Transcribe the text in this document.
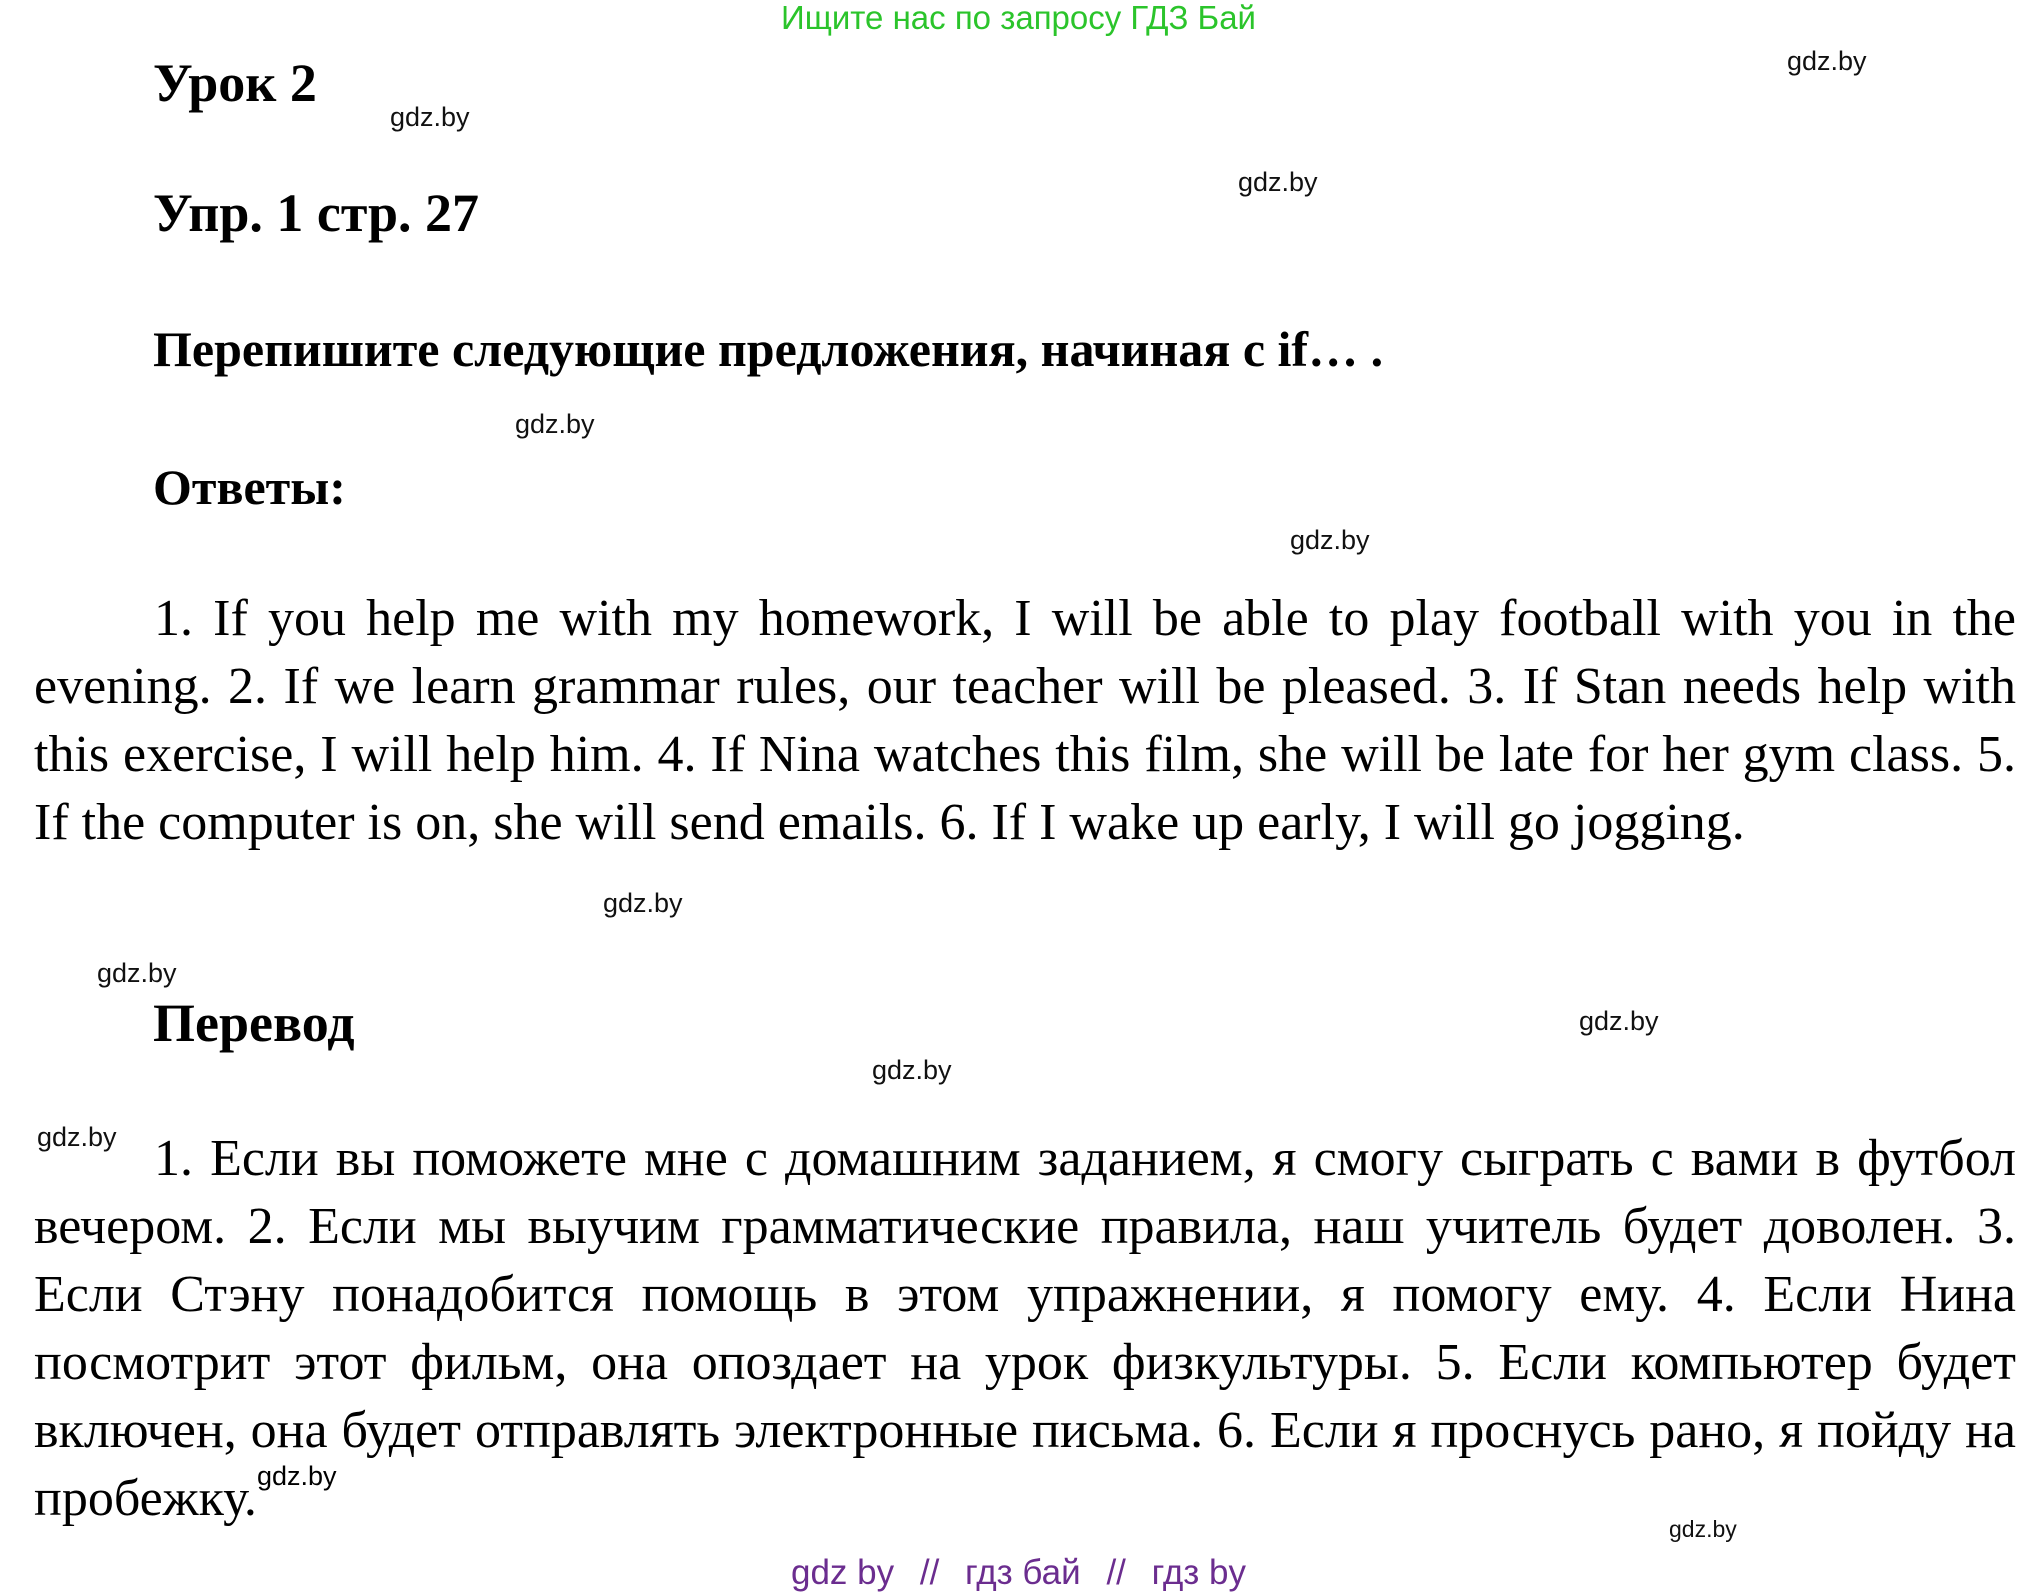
Ищите нас по запросу ГДЗ Бай
Урок 2
Упр. 1 стр. 27
Перепишите следующие предложения, начиная с if… .
Ответы:

1. If you help me with my homework, I will be able to play football with you in the evening. 2. If we learn grammar rules, our teacher will be pleased. 3. If Stan needs help with this exercise, I will help him. 4. If Nina watches this film, she will be late for her gym class. 5. If the computer is on, she will send emails. 6. If I wake up early, I will go jogging.

Перевод

1. Если вы поможете мне с домашним заданием, я смогу сыграть с вами в футбол вечером. 2. Если мы выучим грамматические правила, наш учитель будет доволен. 3. Если Стэну понадобится помощь в этом упражнении, я помогу ему. 4. Если Нина посмотрит этот фильм, она опоздает на урок физкультуры. 5. Если компьютер будет включен, она будет отправлять электронные письма. 6. Если я проснусь рано, я пойду на пробежку.$^{gdz.by}$

gdz.by
gdz.by
gdz.by
gdz.by
gdz.by
gdz.by
gdz.by
gdz.by
gdz.by
gdz.by
gdz.by
gdz by // гдз бай // гдз by
